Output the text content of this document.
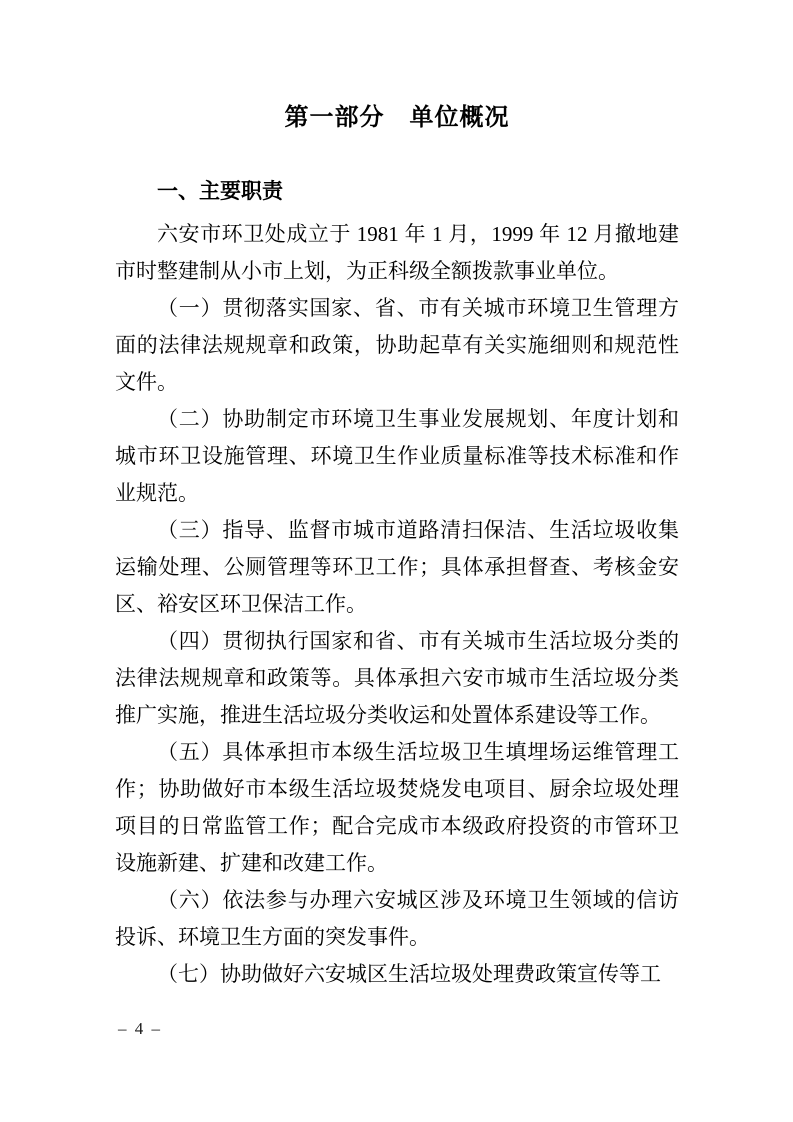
第一部分　单位概况
一、主要职责

六安市环卫处成立于 1981 年 1 月，1999 年 12 月撤地建市时整建制从小市上划，为正科级全额拨款事业单位。

（一）贯彻落实国家、省、市有关城市环境卫生管理方面的法律法规规章和政策，协助起草有关实施细则和规范性文件。

（二）协助制定市环境卫生事业发展规划、年度计划和城市环卫设施管理、环境卫生作业质量标准等技术标准和作业规范。

（三）指导、监督市城市道路清扫保洁、生活垃圾收集运输处理、公厕管理等环卫工作；具体承担督查、考核金安区、裕安区环卫保洁工作。

（四）贯彻执行国家和省、市有关城市生活垃圾分类的法律法规规章和政策等。具体承担六安市城市生活垃圾分类推广实施，推进生活垃圾分类收运和处置体系建设等工作。

（五）具体承担市本级生活垃圾卫生填埋场运维管理工作；协助做好市本级生活垃圾焚烧发电项目、厨余垃圾处理项目的日常监管工作；配合完成市本级政府投资的市管环卫设施新建、扩建和改建工作。

（六）依法参与办理六安城区涉及环境卫生领域的信访投诉、环境卫生方面的突发事件。

（七）协助做好六安城区生活垃圾处理费政策宣传等工

– 4 –
